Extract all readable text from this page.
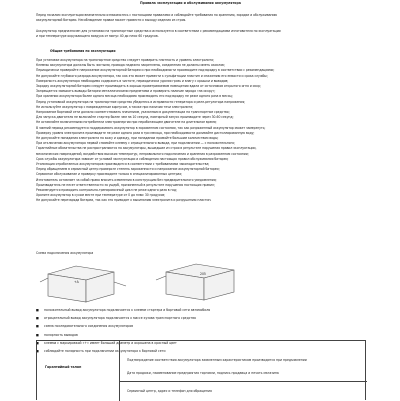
Правила эксплуатации и обслуживания аккумулятора
Перед началом эксплуатации внимательно ознакомьтесь с настоящими правилами и соблюдайте требования по хранению, зарядке и обслуживанию
аккумуляторной батареи. Несоблюдение правил может привести к выходу изделия из строя.
Аккумулятор предназначен для установки на транспортные средства и используется в соответствии с рекомендациями изготовителя по эксплуатации
и при температуре окружающего воздуха от минус 40 до плюс 60 градусов.
Общие требования по эксплуатации
При установке аккумулятора на транспортное средство следует проверить плотность и уровень электролита;
Клеммы аккумулятора должны быть чистыми, провода надежно закреплены, соединения не должны иметь окислов;
Периодически проверяйте напряжение аккумуляторной батареи и при необходимости производите подзарядку в соответствии с рекомендациями;
Не допускайте глубокого разряда аккумулятора, так как это может привести к сульфатации пластин и снижению его емкости и срока службы;
Поверхность аккумулятора необходимо содержать в чистоте, периодически удаляя грязь и влагу с крышки и выводов;
Зарядку аккумуляторной батареи следует производить в хорошо проветриваемом помещении вдали от источников открытого огня и искр;
Запрещается замыкать выводы батареи металлическими предметами и проверять наличие заряда «на искру»;
При хранении аккумулятора более одного месяца необходимо производить его подзарядку не реже одного раза в месяц;
Перед установкой аккумулятора на транспортное средство убедитесь в исправности генератора и реле-регулятора напряжения;
Не используйте аккумулятор с поврежденным корпусом, а также при наличии течи электролита;
Напряжение бортовой сети должно соответствовать значениям, указанным в документации на транспортное средство;
Для запуска двигателя не включайте стартер более чем на 10 секунд, повторный запуск производите через 30-60 секунд;
Не оставляйте включенными потребители электроэнергии при неработающем двигателе на длительное время;
В зимний период рекомендуется поддерживать аккумулятор в заряженном состоянии, так как разряженный аккумулятор может замерзнуть;
Проверку уровня электролита производите не реже одного раза в три месяца, при необходимости доливайте дистиллированную воду;
Не допускайте попадания электролита на кожу и одежду, при попадании промойте большим количеством воды;
При отключении аккумулятора первой снимайте клемму с отрицательного вывода, при подключении — с положительного;
Гарантийные обязательства не распространяются на аккумуляторы, вышедшие из строя в результате нарушения правил эксплуатации,
механических повреждений, воздействия высоких температур, неправильного подключения и хранения в разряженном состоянии;
Срок службы аккумулятора зависит от условий эксплуатации и соблюдения настоящих правил обслуживания батареи;
Утилизация отработанных аккумуляторов производится в соответствии с требованиями законодательства;
Перед обращением в сервисный центр проверьте степень заряженности и напряжение аккумуляторной батареи;
Сервисное обслуживание и проверку производите только в специализированных центрах;
Изготовитель оставляет за собой право вносить изменения в конструкцию без предварительного уведомления;
Производитель не несет ответственности за ущерб, причиненный в результате нарушения настоящих правил;
Рекомендуется проводить контрольно-тренировочный цикл не реже одного раза в год;
Храните аккумулятор в сухом месте при температуре от 0 до плюс 30 градусов;
Не допускайте перезаряда батареи, так как это приводит к выкипанию электролита и разрушению пластин.
Схема подключения аккумулятора
+А
205
■ положительный вывод аккумулятора подключается к клемме стартера и бортовой сети автомобиля
■ отрицательный вывод аккумулятора подключается к массе кузова транспортного средства
■ схема последовательного соединения аккумуляторов
■ полярность выводов
■ клемма с маркировкой «+» имеет больший диаметр и окрашена в красный цвет
■ соблюдайте полярность при подключении аккумулятора к бортовой сети
Гарантийный талон
Подтверждение соответствия аккумулятора заявленным характеристикам производится при предъявлении
Дата продажи, наименование предприятия торговли, подпись продавца и печать магазина
Сервисный центр, адрес и телефон для обращения
